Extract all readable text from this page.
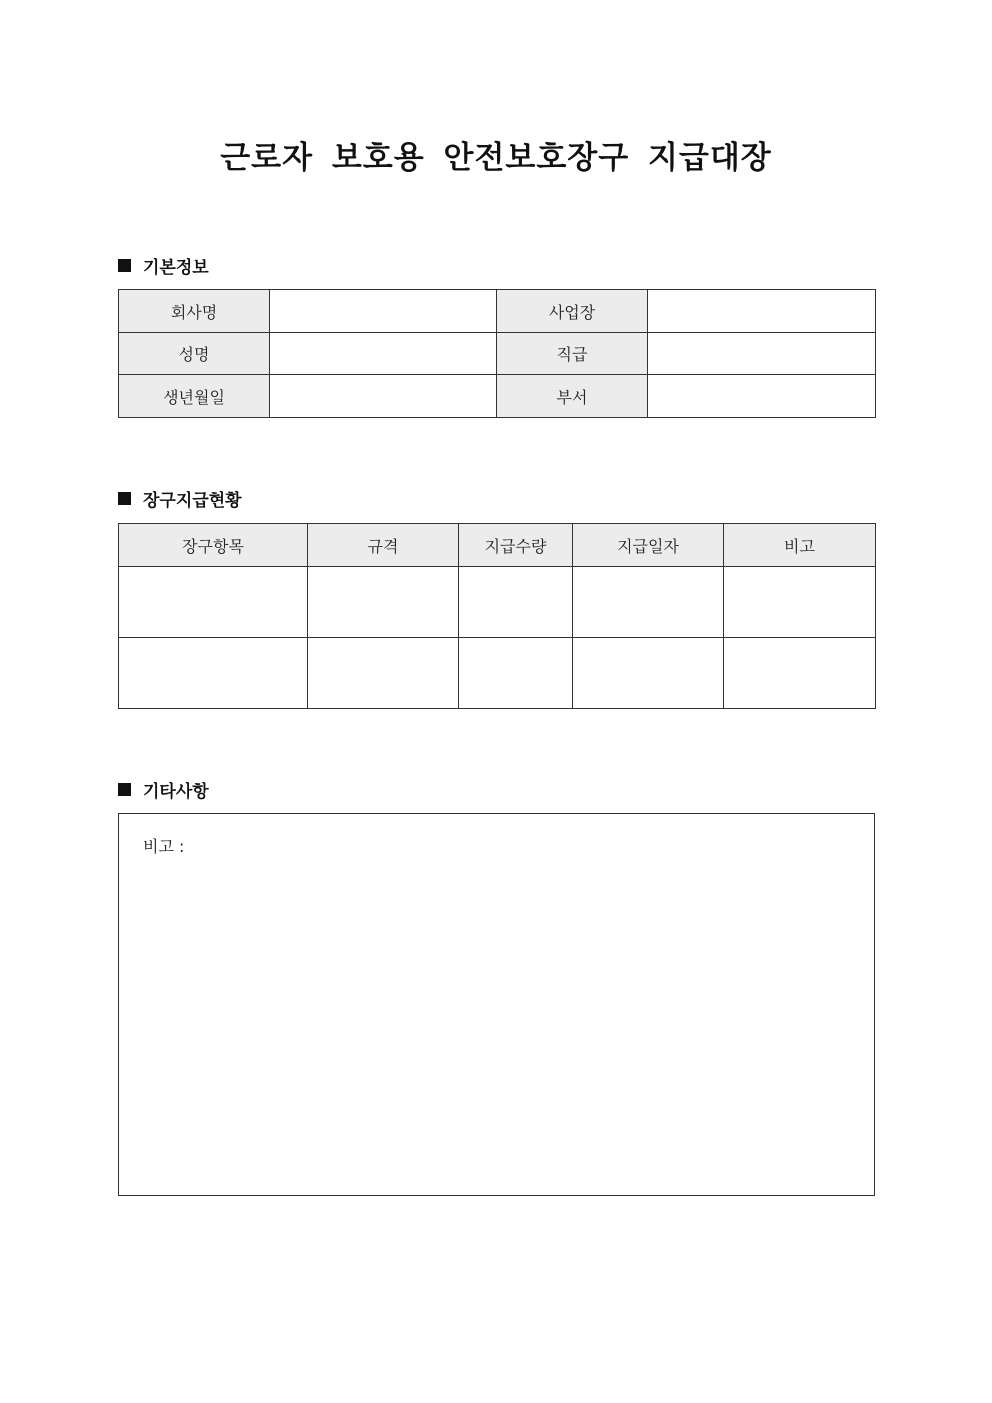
근로자 보호용 안전보호장구 지급대장
기본정보
회사명		사업장	
성명		직급	
생년월일		부서	
장구지급현황
장구항목	규격	지급수량	지급일자	비고

기타사항
비고 :
